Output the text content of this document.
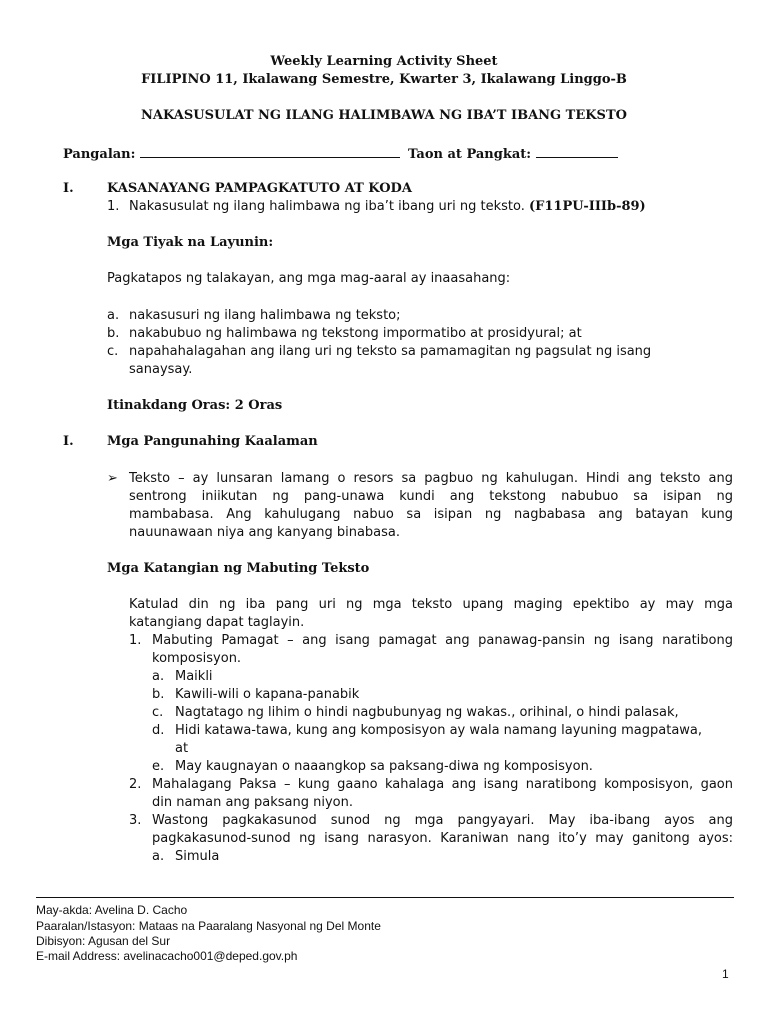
Weekly Learning Activity Sheet
FILIPINO 11, Ikalawang Semestre, Kwarter 3, Ikalawang Linggo-B
NAKASUSULAT NG ILANG HALIMBAWA NG IBA’T IBANG TEKSTO
Pangalan:	Taon at Pangkat:
I.	KASANAYANG PAMPAGKATUTO AT KODA
1. Nakasusulat ng ilang halimbawa ng iba’t ibang uri ng teksto. (F11PU-IIIb-89)
Mga Tiyak na Layunin:
Pagkatapos ng talakayan, ang mga mag-aaral ay inaasahang:
a. nakasusuri ng ilang halimbawa ng teksto;
b. nakabubuo ng halimbawa ng tekstong impormatibo at prosidyural; at
c. napahahalagahan ang ilang uri ng teksto sa pamamagitan ng pagsulat ng isang
sanaysay.
Itinakdang Oras: 2 Oras
I.	Mga Pangunahing Kaalaman
➢ Teksto – ay lunsaran lamang o resors sa pagbuo ng kahulugan. Hindi ang teksto ang
sentrong iniikutan ng pang-unawa kundi ang tekstong nabubuo sa isipan ng
mambabasa. Ang kahulugang nabuo sa isipan ng nagbabasa ang batayan kung
nauunawaan niya ang kanyang binabasa.
Mga Katangian ng Mabuting Teksto
Katulad din ng iba pang uri ng mga teksto upang maging epektibo ay may mga
katangiang dapat taglayin.
1. Mabuting Pamagat – ang isang pamagat ang panawag-pansin ng isang naratibong
komposisyon.
a. Maikli
b. Kawili-wili o kapana-panabik
c. Nagtatago ng lihim o hindi nagbubunyag ng wakas., orihinal, o hindi palasak,
d. Hidi katawa-tawa, kung ang komposisyon ay wala namang layuning magpatawa,
at
e. May kaugnayan o naaangkop sa paksang-diwa ng komposisyon.
2. Mahalagang Paksa – kung gaano kahalaga ang isang naratibong komposisyon, gaon
din naman ang paksang niyon.
3. Wastong pagkakasunod sunod ng mga pangyayari. May iba-ibang ayos ang
pagkakasunod-sunod ng isang narasyon. Karaniwan nang ito’y may ganitong ayos:
a. Simula
May-akda: Avelina D. Cacho
Paaralan/Istasyon: Mataas na Paaralang Nasyonal ng Del Monte
Dibisyon: Agusan del Sur
E-mail Address: avelinacacho001@deped.gov.ph
1
